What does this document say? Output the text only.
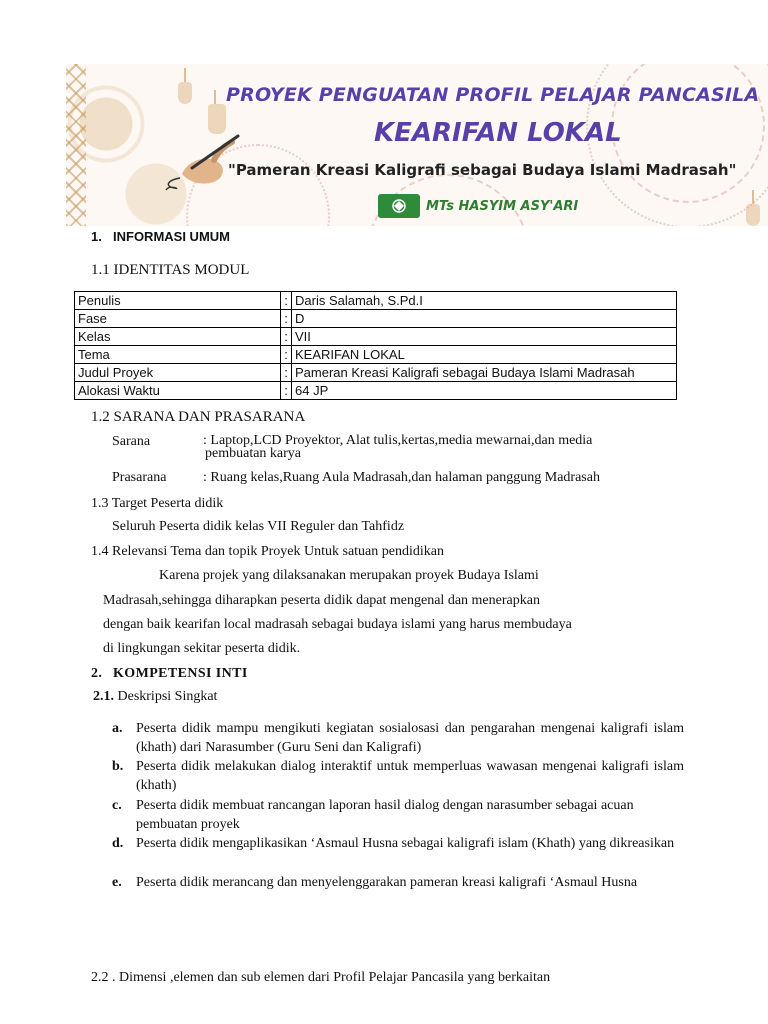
PROYEK PENGUATAN PROFIL PELAJAR PANCASILA
KEARIFAN LOKAL
"Pameran Kreasi Kaligrafi sebagai Budaya Islami Madrasah"
MTs HASYIM ASY'ARI
1. INFORMASI UMUM
1.1 IDENTITAS MODUL
Penulis	:	Daris Salamah, S.Pd.I
Fase	:	D
Kelas	:	VII
Tema	:	KEARIFAN LOKAL
Judul Proyek	:	Pameran Kreasi Kaligrafi sebagai Budaya Islami Madrasah
Alokasi Waktu	:	64 JP
1.2 SARANA DAN PRASARANA
Sarana	: Laptop,LCD Proyektor, Alat tulis,kertas,media mewarnai,dan media
pembuatan karya
Prasarana	: Ruang kelas,Ruang Aula Madrasah,dan halaman panggung Madrasah
1.3 Target Peserta didik
Seluruh Peserta didik kelas VII Reguler dan Tahfidz
1.4 Relevansi Tema dan topik Proyek Untuk satuan pendidikan
Karena projek yang dilaksanakan merupakan proyek Budaya Islami
Madrasah,sehingga diharapkan peserta didik dapat mengenal dan menerapkan
dengan baik kearifan local madrasah sebagai budaya islami yang harus membudaya
di lingkungan sekitar peserta didik.
2. KOMPETENSI INTI
2.1. Deskripsi Singkat
a. Peserta didik mampu mengikuti kegiatan sosialosasi dan pengarahan mengenai kaligrafi islam (khath) dari Narasumber (Guru Seni dan Kaligrafi)
b. Peserta didik melakukan dialog interaktif untuk memperluas wawasan mengenai kaligrafi islam (khath)
c. Peserta didik membuat rancangan laporan hasil dialog dengan narasumber sebagai acuan pembuatan proyek
d. Peserta didik mengaplikasikan ‘Asmaul Husna sebagai kaligrafi islam (Khath) yang dikreasikan
e. Peserta didik merancang dan menyelenggarakan pameran kreasi kaligrafi ‘Asmaul Husna
2.2 . Dimensi ,elemen dan sub elemen dari Profil Pelajar Pancasila yang berkaitan
